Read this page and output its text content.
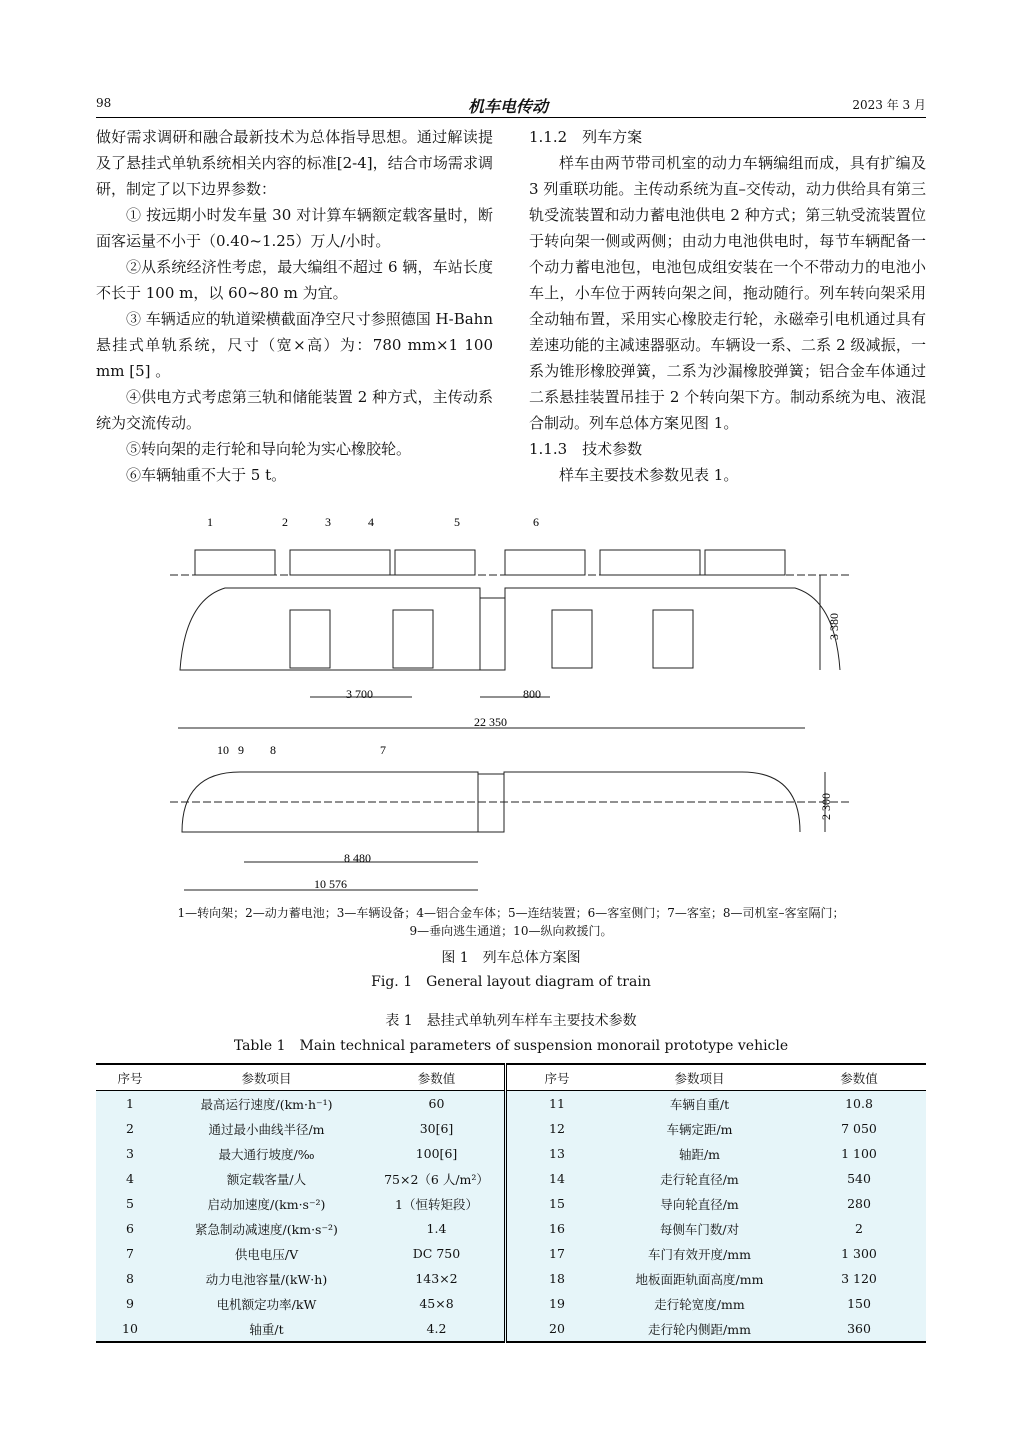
98	机车电传动	2023 年 3 月

做好需求调研和融合最新技术为总体指导思想。通过解读提及了悬挂式单轨系统相关内容的标准[2-4]，结合市场需求调研，制定了以下边界参数：

① 按远期小时发车量 30 对计算车辆额定载客量时，断面客运量不小于（0.40~1.25）万人/小时。

②从系统经济性考虑，最大编组不超过 6 辆，车站长度不长于 100 m，以 60~80 m 为宜。

③ 车辆适应的轨道梁横截面净空尺寸参照德国 H-Bahn 悬挂式单轨系统，尺寸（宽×高）为：780 mm×1 100 mm [5] 。

④供电方式考虑第三轨和储能装置 2 种方式，主传动系统为交流传动。

⑤转向架的走行轮和导向轮为实心橡胶轮。

⑥车辆轴重不大于 5 t。

1.1.2　列车方案

样车由两节带司机室的动力车辆编组而成，具有扩编及 3 列重联功能。主传动系统为直–交传动，动力供给具有第三轨受流装置和动力蓄电池供电 2 种方式；第三轨受流装置位于转向架一侧或两侧；由动力电池供电时，每节车辆配备一个动力蓄电池包，电池包成组安装在一个不带动力的电池小车上，小车位于两转向架之间，拖动随行。列车转向架采用全动轴布置，采用实心橡胶走行轮，永磁牵引电机通过具有差速功能的主减速器驱动。车辆设一系、二系 2 级减振，一系为锥形橡胶弹簧，二系为沙漏橡胶弹簧；铝合金车体通过二系悬挂装置吊挂于 2 个转向架下方。制动系统为电、液混合制动。列车总体方案见图 1。

1.1.3　技术参数

样车主要技术参数见表 1。

1	2	3	4	5	6
10 9 8	7
3 700	800
22 350
8 480
10 576
3 380
2 300
1—转向架；2—动力蓄电池；3—车辆设备；4—铝合金车体；5—连结装置；6—客室侧门；7—客室；8—司机室–客室隔门；
9—垂向逃生通道；10—纵向救援门。
图 1　列车总体方案图
Fig. 1　General layout diagram of train
表 1　悬挂式单轨列车样车主要技术参数
Table 1　Main technical parameters of suspension monorail prototype vehicle
序号	参数项目	参数值	序号	参数项目	参数值
1	最高运行速度/(km·h⁻¹)	60	11	车辆自重/t	10.8
2	通过最小曲线半径/m	30[6]	12	车辆定距/m	7 050
3	最大通行坡度/‰	100[6]	13	轴距/m	1 100
4	额定载客量/人	75×2（6 人/m²）	14	走行轮直径/m	540
5	启动加速度/(km·s⁻²)	1（恒转矩段）	15	导向轮直径/m	280
6	紧急制动减速度/(km·s⁻²)	1.4	16	每侧车门数/对	2
7	供电电压/V	DC 750	17	车门有效开度/mm	1 300
8	动力电池容量/(kW·h)	143×2	18	地板面距轨面高度/mm	3 120
9	电机额定功率/kW	45×8	19	走行轮宽度/mm	150
10	轴重/t	4.2	20	走行轮内侧距/mm	360
